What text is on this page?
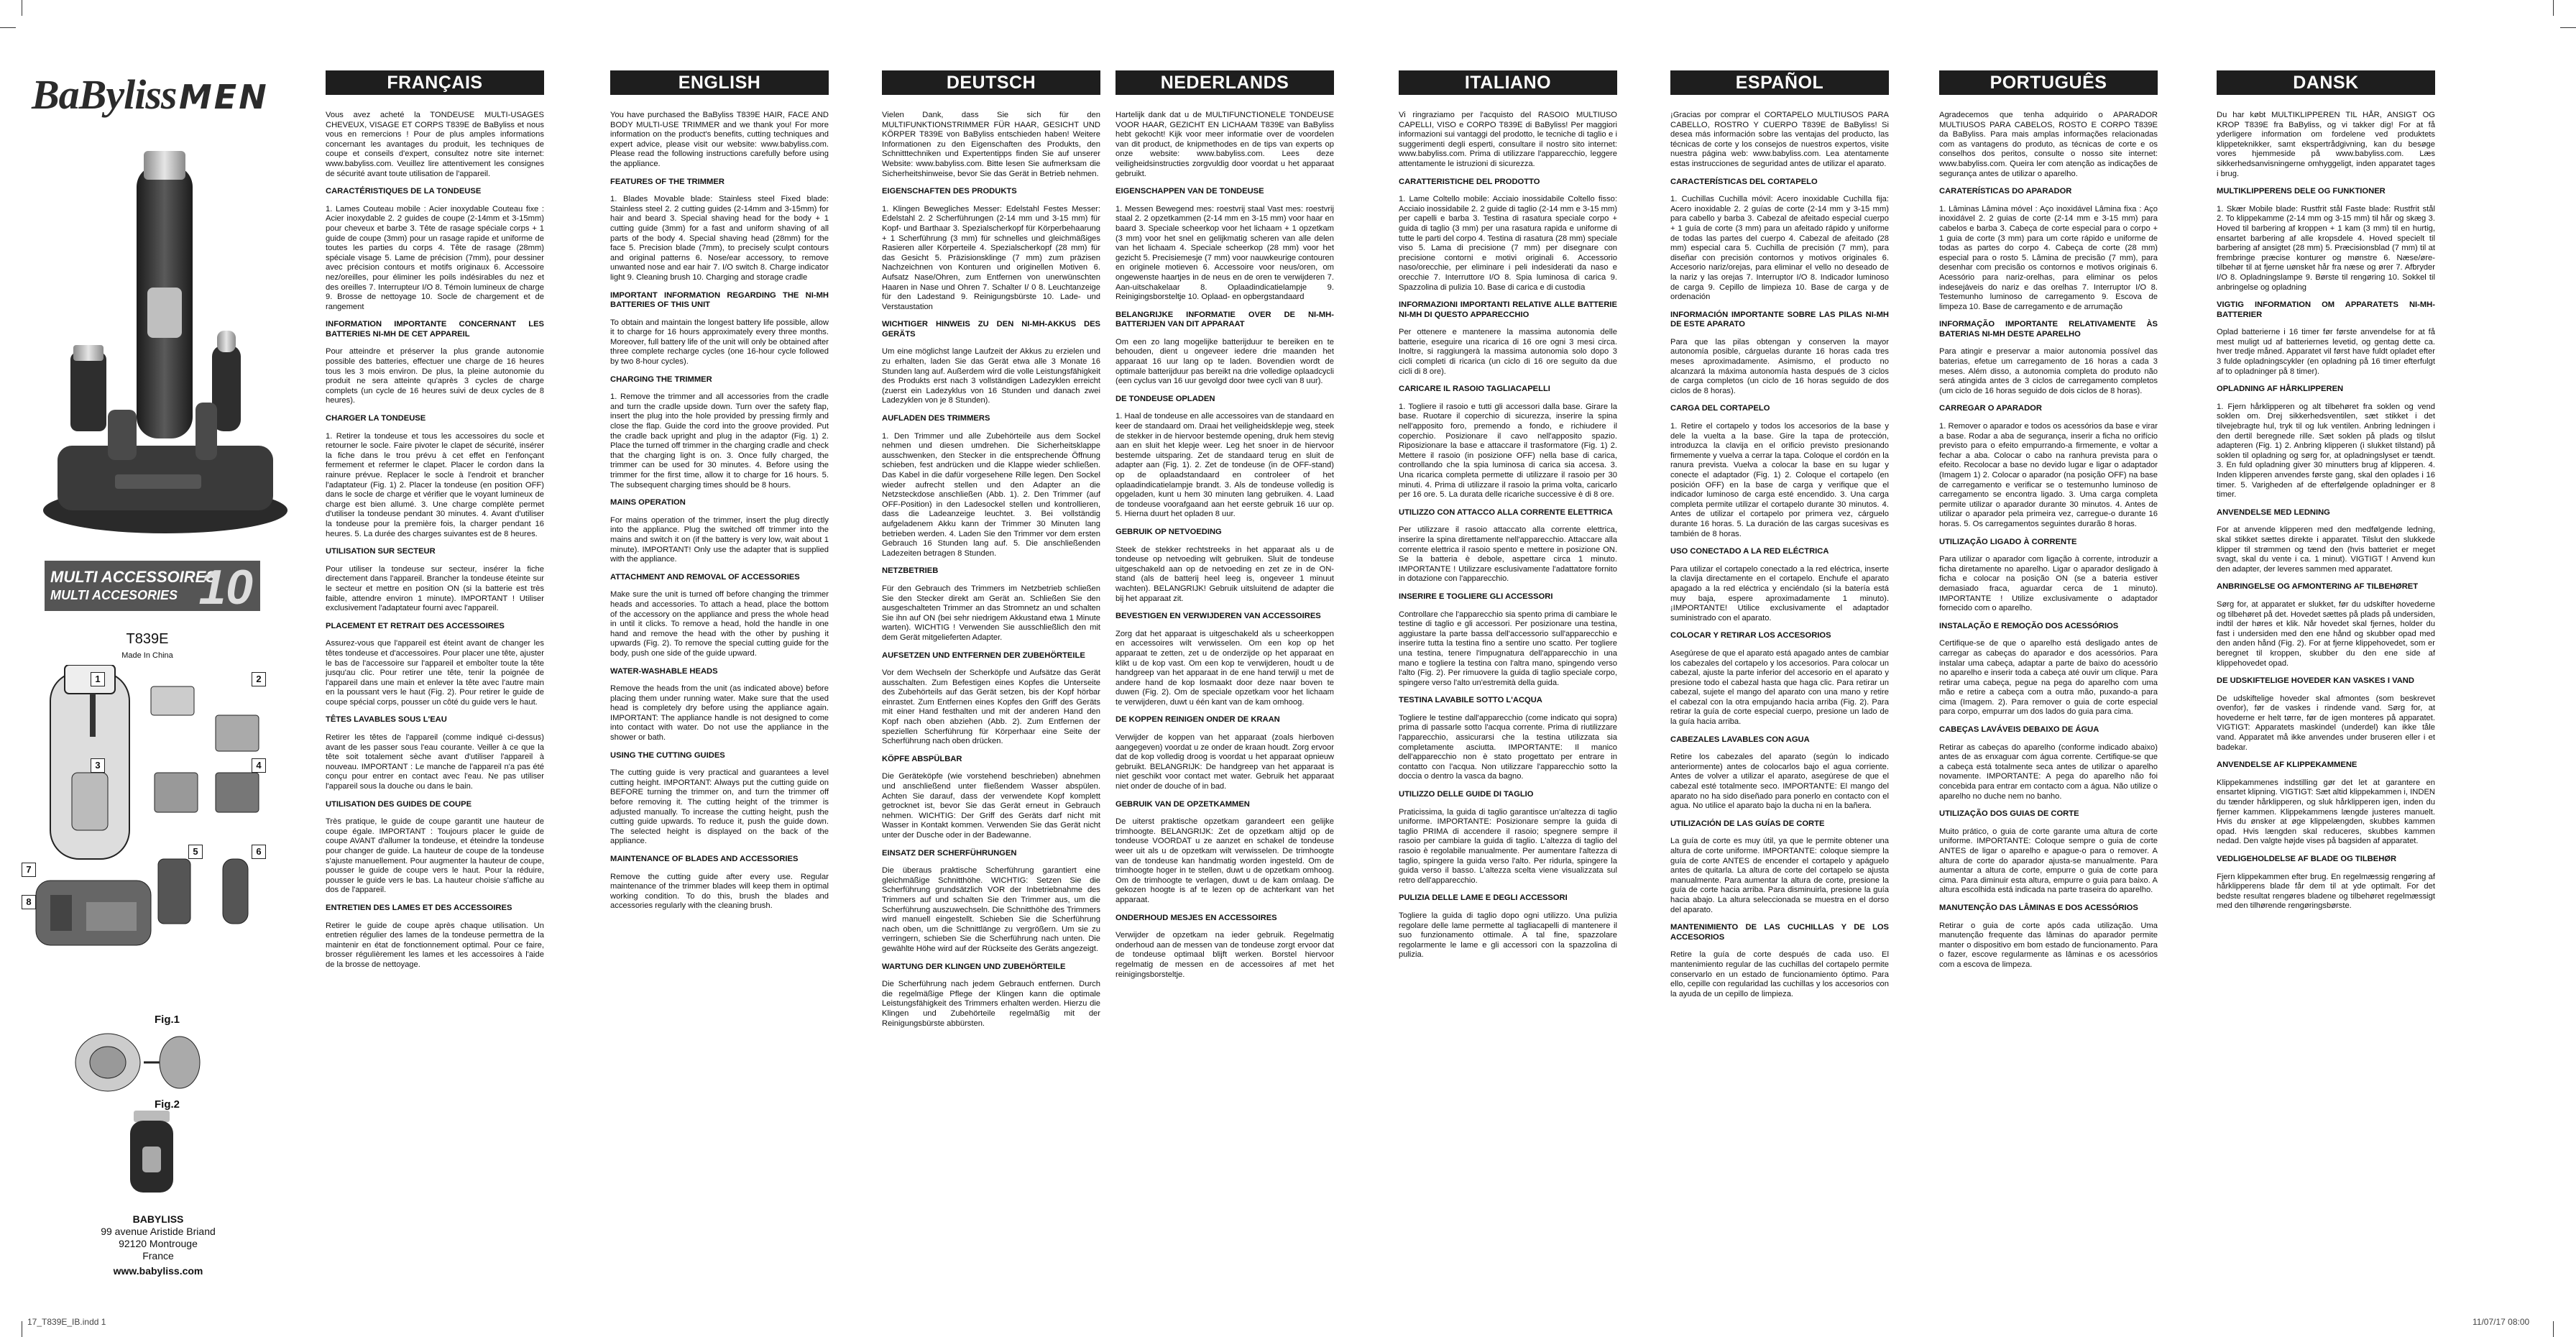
BaByliss MEN
MULTI ACCESSOIRES
MULTI ACCESORIES 10
T839E
Made In China
1	2
3	4
5	6
7
8
Fig.1
Fig.2
BABYLISS
99 avenue Aristide Briand
92120 Montrouge
France
www.babyliss.com
FRANÇAIS

Vous avez acheté la TONDEUSE MULTI-USAGES CHEVEUX, VISAGE ET CORPS T839E de BaByliss et nous vous en remercions ! Pour de plus amples informations concernant les avantages du produit, les techniques de coupe et conseils d'expert, consultez notre site internet: www.babyliss.com. Veuillez lire attentivement les consignes de sécurité avant toute utilisation de l'appareil.

CARACTÉRISTIQUES DE LA TONDEUSE

1. Lames Couteau mobile : Acier inoxydable Couteau fixe : Acier inoxydable 2. 2 guides de coupe (2-14mm et 3-15mm) pour cheveux et barbe 3. Tête de rasage spéciale corps + 1 guide de coupe (3mm) pour un rasage rapide et uniforme de toutes les parties du corps 4. Tête de rasage (28mm) spéciale visage 5. Lame de précision (7mm), pour dessiner avec précision contours et motifs originaux 6. Accessoire nez/oreilles, pour éliminer les poils indésirables du nez et des oreilles 7. Interrupteur I/O 8. Témoin lumineux de charge 9. Brosse de nettoyage 10. Socle de chargement et de rangement

INFORMATION IMPORTANTE CONCERNANT LES BATTERIES NI-MH DE CET APPAREIL

Pour atteindre et préserver la plus grande autonomie possible des batteries, effectuer une charge de 16 heures tous les 3 mois environ. De plus, la pleine autonomie du produit ne sera atteinte qu'après 3 cycles de charge complets (un cycle de 16 heures suivi de deux cycles de 8 heures).

CHARGER LA TONDEUSE

1. Retirer la tondeuse et tous les accessoires du socle et retourner le socle. Faire pivoter le clapet de sécurité, insérer la fiche dans le trou prévu à cet effet en l'enfonçant fermement et refermer le clapet. Placer le cordon dans la rainure prévue. Replacer le socle à l'endroit et brancher l'adaptateur (Fig. 1) 2. Placer la tondeuse (en position OFF) dans le socle de charge et vérifier que le voyant lumineux de charge est bien allumé. 3. Une charge complète permet d'utiliser la tondeuse pendant 30 minutes. 4. Avant d'utiliser la tondeuse pour la première fois, la charger pendant 16 heures. 5. La durée des charges suivantes est de 8 heures.

UTILISATION SUR SECTEUR

Pour utiliser la tondeuse sur secteur, insérer la fiche directement dans l'appareil. Brancher la tondeuse éteinte sur le secteur et mettre en position ON (si la batterie est très faible, attendre environ 1 minute). IMPORTANT ! Utiliser exclusivement l'adaptateur fourni avec l'appareil.

PLACEMENT ET RETRAIT DES ACCESSOIRES

Assurez-vous que l'appareil est éteint avant de changer les têtes tondeuse et d'accessoires. Pour placer une tête, ajuster le bas de l'accessoire sur l'appareil et emboîter toute la tête jusqu'au clic. Pour retirer une tête, tenir la poignée de l'appareil dans une main et enlever la tête avec l'autre main en la poussant vers le haut (Fig. 2). Pour retirer le guide de coupe spécial corps, pousser un côté du guide vers le haut.

TÊTES LAVABLES SOUS L'EAU

Retirer les têtes de l'appareil (comme indiqué ci-dessus) avant de les passer sous l'eau courante. Veiller à ce que la tête soit totalement sèche avant d'utiliser l'appareil à nouveau. IMPORTANT : Le manche de l'appareil n'a pas été conçu pour entrer en contact avec l'eau. Ne pas utiliser l'appareil sous la douche ou dans le bain.

UTILISATION DES GUIDES DE COUPE

Très pratique, le guide de coupe garantit une hauteur de coupe égale. IMPORTANT : Toujours placer le guide de coupe AVANT d'allumer la tondeuse, et éteindre la tondeuse pour changer de guide. La hauteur de coupe de la tondeuse s'ajuste manuellement. Pour augmenter la hauteur de coupe, pousser le guide de coupe vers le haut. Pour la réduire, pousser le guide vers le bas. La hauteur choisie s'affiche au dos de l'appareil.

ENTRETIEN DES LAMES ET DES ACCESSOIRES

Retirer le guide de coupe après chaque utilisation. Un entretien régulier des lames de la tondeuse permettra de la maintenir en état de fonctionnement optimal. Pour ce faire, brosser régulièrement les lames et les accessoires à l'aide de la brosse de nettoyage.

ENGLISH

You have purchased the BaByliss T839E HAIR, FACE AND BODY MULTI-USE TRIMMER and we thank you! For more information on the product's benefits, cutting techniques and expert advice, please visit our website: www.babyliss.com. Please read the following instructions carefully before using the appliance.

FEATURES OF THE TRIMMER

1. Blades Movable blade: Stainless steel Fixed blade: Stainless steel 2. 2 cutting guides (2-14mm and 3-15mm) for hair and beard 3. Special shaving head for the body + 1 cutting guide (3mm) for a fast and uniform shaving of all parts of the body 4. Special shaving head (28mm) for the face 5. Precision blade (7mm), to precisely sculpt contours and original patterns 6. Nose/ear accessory, to remove unwanted nose and ear hair 7. I/O switch 8. Charge indicator light 9. Cleaning brush 10. Charging and storage cradle

IMPORTANT INFORMATION REGARDING THE NI-MH BATTERIES OF THIS UNIT

To obtain and maintain the longest battery life possible, allow it to charge for 16 hours approximately every three months. Moreover, full battery life of the unit will only be obtained after three complete recharge cycles (one 16-hour cycle followed by two 8-hour cycles).

CHARGING THE TRIMMER

1. Remove the trimmer and all accessories from the cradle and turn the cradle upside down. Turn over the safety flap, insert the plug into the hole provided by pressing firmly and close the flap. Guide the cord into the groove provided. Put the cradle back upright and plug in the adaptor (Fig. 1) 2. Place the turned off trimmer in the charging cradle and check that the charging light is on. 3. Once fully charged, the trimmer can be used for 30 minutes. 4. Before using the trimmer for the first time, allow it to charge for 16 hours. 5. The subsequent charging times should be 8 hours.

MAINS OPERATION

For mains operation of the trimmer, insert the plug directly into the appliance. Plug the switched off trimmer into the mains and switch it on (if the battery is very low, wait about 1 minute). IMPORTANT! Only use the adapter that is supplied with the appliance.

ATTACHMENT AND REMOVAL OF ACCESSORIES

Make sure the unit is turned off before changing the trimmer heads and accessories. To attach a head, place the bottom of the accessory on the appliance and press the whole head in until it clicks. To remove a head, hold the handle in one hand and remove the head with the other by pushing it upwards (Fig. 2). To remove the special cutting guide for the body, push one side of the guide upward.

WATER-WASHABLE HEADS

Remove the heads from the unit (as indicated above) before placing them under running water. Make sure that the used head is completely dry before using the appliance again. IMPORTANT: The appliance handle is not designed to come into contact with water. Do not use the appliance in the shower or bath.

USING THE CUTTING GUIDES

The cutting guide is very practical and guarantees a level cutting height. IMPORTANT: Always put the cutting guide on BEFORE turning the trimmer on, and turn the trimmer off before removing it. The cutting height of the trimmer is adjusted manually. To increase the cutting height, push the cutting guide upwards. To reduce it, push the guide down. The selected height is displayed on the back of the appliance.

MAINTENANCE OF BLADES AND ACCESSORIES

Remove the cutting guide after every use. Regular maintenance of the trimmer blades will keep them in optimal working condition. To do this, brush the blades and accessories regularly with the cleaning brush.

DEUTSCH

Vielen Dank, dass Sie sich für den MULTIFUNKTIONSTRIMMER FÜR HAAR, GESICHT UND KÖRPER T839E von BaByliss entschieden haben! Weitere Informationen zu den Eigenschaften des Produkts, den Schnitttechniken und Expertentipps finden Sie auf unserer Website: www.babyliss.com. Bitte lesen Sie aufmerksam die Sicherheitshinweise, bevor Sie das Gerät in Betrieb nehmen.

EIGENSCHAFTEN DES PRODUKTS

1. Klingen Bewegliches Messer: Edelstahl Festes Messer: Edelstahl 2. 2 Scherführungen (2-14 mm und 3-15 mm) für Kopf- und Barthaar 3. Spezialscherkopf für Körperbehaarung + 1 Scherführung (3 mm) für schnelles und gleichmäßiges Rasieren aller Körperteile 4. Spezialscherkopf (28 mm) für das Gesicht 5. Präzisionsklinge (7 mm) zum präzisen Nachzeichnen von Konturen und originellen Motiven 6. Aufsatz Nase/Ohren, zum Entfernen von unerwünschten Haaren in Nase und Ohren 7. Schalter I/ 0 8. Leuchtanzeige für den Ladestand 9. Reinigungsbürste 10. Lade- und Verstaustation

WICHTIGER HINWEIS ZU DEN NI-MH-AKKUS DES GERÄTS

Um eine möglichst lange Laufzeit der Akkus zu erzielen und zu erhalten, laden Sie das Gerät etwa alle 3 Monate 16 Stunden lang auf. Außerdem wird die volle Leistungsfähigkeit des Produkts erst nach 3 vollständigen Ladezyklen erreicht (zuerst ein Ladezyklus von 16 Stunden und danach zwei Ladezyklen von je 8 Stunden).

AUFLADEN DES TRIMMERS

1. Den Trimmer und alle Zubehörteile aus dem Sockel nehmen und diesen umdrehen. Die Sicherheitsklappe ausschwenken, den Stecker in die entsprechende Öffnung schieben, fest andrücken und die Klappe wieder schließen. Das Kabel in die dafür vorgesehene Rille legen. Den Sockel wieder aufrecht stellen und den Adapter an die Netzsteckdose anschließen (Abb. 1). 2. Den Trimmer (auf OFF-Position) in den Ladesockel stellen und kontrollieren, dass die Ladeanzeige leuchtet. 3. Bei vollständig aufgeladenem Akku kann der Trimmer 30 Minuten lang betrieben werden. 4. Laden Sie den Trimmer vor dem ersten Gebrauch 16 Stunden lang auf. 5. Die anschließenden Ladezeiten betragen 8 Stunden.

NETZBETRIEB

Für den Gebrauch des Trimmers im Netzbetrieb schließen Sie den Stecker direkt am Gerät an. Schließen Sie den ausgeschalteten Trimmer an das Stromnetz an und schalten Sie ihn auf ON (bei sehr niedrigem Akkustand etwa 1 Minute warten). WICHTIG ! Verwenden Sie ausschließlich den mit dem Gerät mitgelieferten Adapter.

AUFSETZEN UND ENTFERNEN DER ZUBEHÖRTEILE

Vor dem Wechseln der Scherköpfe und Aufsätze das Gerät ausschalten. Zum Befestigen eines Kopfes die Unterseite des Zubehörteils auf das Gerät setzen, bis der Kopf hörbar einrastet. Zum Entfernen eines Kopfes den Griff des Geräts mit einer Hand festhalten und mit der anderen Hand den Kopf nach oben abziehen (Abb. 2). Zum Entfernen der speziellen Scherführung für Körperhaar eine Seite der Scherführung nach oben drücken.

KÖPFE ABSPÜLBAR

Die Geräteköpfe (wie vorstehend beschrieben) abnehmen und anschließend unter fließendem Wasser abspülen. Achten Sie darauf, dass der verwendete Kopf komplett getrocknet ist, bevor Sie das Gerät erneut in Gebrauch nehmen. WICHTIG: Der Griff des Geräts darf nicht mit Wasser in Kontakt kommen. Verwenden Sie das Gerät nicht unter der Dusche oder in der Badewanne.

EINSATZ DER SCHERFÜHRUNGEN

Die überaus praktische Scherführung garantiert eine gleichmäßige Schnitthöhe. WICHTIG: Setzen Sie die Scherführung grundsätzlich VOR der Inbetriebnahme des Trimmers auf und schalten Sie den Trimmer aus, um die Scherführung auszuwechseln. Die Schnitthöhe des Trimmers wird manuell eingestellt. Schieben Sie die Scherführung nach oben, um die Schnittlänge zu vergrößern. Um sie zu verringern, schieben Sie die Scherführung nach unten. Die gewählte Höhe wird auf der Rückseite des Geräts angezeigt.

WARTUNG DER KLINGEN UND ZUBEHÖRTEILE

Die Scherführung nach jedem Gebrauch entfernen. Durch die regelmäßige Pflege der Klingen kann die optimale Leistungsfähigkeit des Trimmers erhalten werden. Hierzu die Klingen und Zubehörteile regelmäßig mit der Reinigungsbürste abbürsten.

NEDERLANDS

Hartelijk dank dat u de MULTIFUNCTIONELE TONDEUSE VOOR HAAR, GEZICHT EN LICHAAM T839E van BaByliss hebt gekocht! Kijk voor meer informatie over de voordelen van dit product, de knipmethodes en de tips van experts op onze website: www.babyliss.com. Lees deze veiligheidsinstructies zorgvuldig door voordat u het apparaat gebruikt.

EIGENSCHAPPEN VAN DE TONDEUSE

1. Messen Bewegend mes: roestvrij staal Vast mes: roestvrij staal 2. 2 opzetkammen (2-14 mm en 3-15 mm) voor haar en baard 3. Speciale scheerkop voor het lichaam + 1 opzetkam (3 mm) voor het snel en gelijkmatig scheren van alle delen van het lichaam 4. Speciale scheerkop (28 mm) voor het gezicht 5. Precisiemesje (7 mm) voor nauwkeurige contouren en originele motieven 6. Accessoire voor neus/oren, om ongewenste haartjes in de neus en de oren te verwijderen 7. Aan-uitschakelaar 8. Oplaadindicatielampje 9. Reinigingsborsteltje 10. Oplaad- en opbergstandaard

BELANGRIJKE INFORMATIE OVER DE NI-MH-BATTERIJEN VAN DIT APPARAAT

Om een zo lang mogelijke batterijduur te bereiken en te behouden, dient u ongeveer iedere drie maanden het apparaat 16 uur lang op te laden. Bovendien wordt de optimale batterijduur pas bereikt na drie volledige oplaadcycli (een cyclus van 16 uur gevolgd door twee cycli van 8 uur).

DE TONDEUSE OPLADEN

1. Haal de tondeuse en alle accessoires van de standaard en keer de standaard om. Draai het veiligheidsklepje weg, steek de stekker in de hiervoor bestemde opening, druk hem stevig aan en sluit het klepje weer. Leg het snoer in de hiervoor bestemde uitsparing. Zet de standaard terug en sluit de adapter aan (Fig. 1). 2. Zet de tondeuse (in de OFF-stand) op de oplaadstandaard en controleer of het oplaadindicatielampje brandt. 3. Als de tondeuse volledig is opgeladen, kunt u hem 30 minuten lang gebruiken. 4. Laad de tondeuse voorafgaand aan het eerste gebruik 16 uur op. 5. Hierna duurt het opladen 8 uur.

GEBRUIK OP NETVOEDING

Steek de stekker rechtstreeks in het apparaat als u de tondeuse op netvoeding wilt gebruiken. Sluit de tondeuse uitgeschakeld aan op de netvoeding en zet ze in de ON-stand (als de batterij heel leeg is, ongeveer 1 minuut wachten). BELANGRIJK! Gebruik uitsluitend de adapter die bij het apparaat zit.

BEVESTIGEN EN VERWIJDEREN VAN ACCESSOIRES

Zorg dat het apparaat is uitgeschakeld als u scheerkoppen en accessoires wilt verwisselen. Om een kop op het apparaat te zetten, zet u de onderzijde op het apparaat en klikt u de kop vast. Om een kop te verwijderen, houdt u de handgreep van het apparaat in de ene hand terwijl u met de andere hand de kop losmaakt door deze naar boven te duwen (Fig. 2). Om de speciale opzetkam voor het lichaam te verwijderen, duwt u één kant van de kam omhoog.

DE KOPPEN REINIGEN ONDER DE KRAAN

Verwijder de koppen van het apparaat (zoals hierboven aangegeven) voordat u ze onder de kraan houdt. Zorg ervoor dat de kop volledig droog is voordat u het apparaat opnieuw gebruikt. BELANGRIJK: De handgreep van het apparaat is niet geschikt voor contact met water. Gebruik het apparaat niet onder de douche of in bad.

GEBRUIK VAN DE OPZETKAMMEN

De uiterst praktische opzetkam garandeert een gelijke trimhoogte. BELANGRIJK: Zet de opzetkam altijd op de tondeuse VOORDAT u ze aanzet en schakel de tondeuse weer uit als u de opzetkam wilt verwisselen. De trimhoogte van de tondeuse kan handmatig worden ingesteld. Om de trimhoogte hoger in te stellen, duwt u de opzetkam omhoog. Om de trimhoogte te verlagen, duwt u de kam omlaag. De gekozen hoogte is af te lezen op de achterkant van het apparaat.

ONDERHOUD MESJES EN ACCESSOIRES

Verwijder de opzetkam na ieder gebruik. Regelmatig onderhoud aan de messen van de tondeuse zorgt ervoor dat de tondeuse optimaal blijft werken. Borstel hiervoor regelmatig de messen en de accessoires af met het reinigingsborsteltje.

ITALIANO

Vi ringraziamo per l'acquisto del RASOIO MULTIUSO CAPELLI, VISO e CORPO T839E di BaByliss! Per maggiori informazioni sui vantaggi del prodotto, le tecniche di taglio e i suggerimenti degli esperti, consultare il nostro sito internet: www.babyliss.com. Prima di utilizzare l'apparecchio, leggere attentamente le istruzioni di sicurezza.

CARATTERISTICHE DEL PRODOTTO

1. Lame Coltello mobile: Acciaio inossidabile Coltello fisso: Acciaio inossidabile 2. 2 guide di taglio (2-14 mm e 3-15 mm) per capelli e barba 3. Testina di rasatura speciale corpo + guida di taglio (3 mm) per una rasatura rapida e uniforme di tutte le parti del corpo 4. Testina di rasatura (28 mm) speciale viso 5. Lama di precisione (7 mm) per disegnare con precisione contorni e motivi originali 6. Accessorio naso/orecchie, per eliminare i peli indesiderati da naso e orecchie 7. Interruttore I/O 8. Spia luminosa di carica 9. Spazzolina di pulizia 10. Base di carica e di custodia

INFORMAZIONI IMPORTANTI RELATIVE ALLE BATTERIE NI-MH DI QUESTO APPARECCHIO

Per ottenere e mantenere la massima autonomia delle batterie, eseguire una ricarica di 16 ore ogni 3 mesi circa. Inoltre, si raggiungerà la massima autonomia solo dopo 3 cicli completi di ricarica (un ciclo di 16 ore seguito da due cicli di 8 ore).

CARICARE IL RASOIO TAGLIACAPELLI

1. Togliere il rasoio e tutti gli accessori dalla base. Girare la base. Ruotare il coperchio di sicurezza, inserire la spina nell'apposito foro, premendo a fondo, e richiudere il coperchio. Posizionare il cavo nell'apposito spazio. Riposizionare la base e attaccare il trasformatore (Fig. 1) 2. Mettere il rasoio (in posizione OFF) nella base di carica, controllando che la spia luminosa di carica sia accesa. 3. Una ricarica completa permette di utilizzare il rasoio per 30 minuti. 4. Prima di utilizzare il rasoio la prima volta, caricarlo per 16 ore. 5. La durata delle ricariche successive è di 8 ore.

UTILIZZO CON ATTACCO ALLA CORRENTE ELETTRICA

Per utilizzare il rasoio attaccato alla corrente elettrica, inserire la spina direttamente nell'apparecchio. Attaccare alla corrente elettrica il rasoio spento e mettere in posizione ON. Se la batteria è debole, aspettare circa 1 minuto. IMPORTANTE ! Utilizzare esclusivamente l'adattatore fornito in dotazione con l'apparecchio.

INSERIRE E TOGLIERE GLI ACCESSORI

Controllare che l'apparecchio sia spento prima di cambiare le testine di taglio e gli accessori. Per posizionare una testina, aggiustare la parte bassa dell'accessorio sull'apparecchio e inserire tutta la testina fino a sentire uno scatto. Per togliere una testina, tenere l'impugnatura dell'apparecchio in una mano e togliere la testina con l'altra mano, spingendo verso l'alto (Fig. 2). Per rimuovere la guida di taglio speciale corpo, spingere verso l'alto un'estremità della guida.

TESTINA LAVABILE SOTTO L'ACQUA

Togliere le testine dall'apparecchio (come indicato qui sopra) prima di passarle sotto l'acqua corrente. Prima di riutilizzare l'apparecchio, assicurarsi che la testina utilizzata sia completamente asciutta. IMPORTANTE: Il manico dell'apparecchio non è stato progettato per entrare in contatto con l'acqua. Non utilizzare l'apparecchio sotto la doccia o dentro la vasca da bagno.

UTILIZZO DELLE GUIDE DI TAGLIO

Praticissima, la guida di taglio garantisce un'altezza di taglio uniforme. IMPORTANTE: Posizionare sempre la guida di taglio PRIMA di accendere il rasoio; spegnere sempre il rasoio per cambiare la guida di taglio. L'altezza di taglio del rasoio è regolabile manualmente. Per aumentare l'altezza di taglio, spingere la guida verso l'alto. Per ridurla, spingere la guida verso il basso. L'altezza scelta viene visualizzata sul retro dell'apparecchio.

PULIZIA DELLE LAME E DEGLI ACCESSORI

Togliere la guida di taglio dopo ogni utilizzo. Una pulizia regolare delle lame permette al tagliacapelli di mantenere il suo funzionamento ottimale. A tal fine, spazzolare regolarmente le lame e gli accessori con la spazzolina di pulizia.

ESPAÑOL

¡Gracias por comprar el CORTAPELO MULTIUSOS PARA CABELLO, ROSTRO Y CUERPO T839E de BaByliss! Si desea más información sobre las ventajas del producto, las técnicas de corte y los consejos de nuestros expertos, visite nuestra página web: www.babyliss.com. Lea atentamente estas instrucciones de seguridad antes de utilizar el aparato.

CARACTERÍSTICAS DEL CORTAPELO

1. Cuchillas Cuchilla móvil: Acero inoxidable Cuchilla fija: Acero inoxidable 2. 2 guías de corte (2-14 mm y 3-15 mm) para cabello y barba 3. Cabezal de afeitado especial cuerpo + 1 guía de corte (3 mm) para un afeitado rápido y uniforme de todas las partes del cuerpo 4. Cabezal de afeitado (28 mm) especial cara 5. Cuchilla de precisión (7 mm), para diseñar con precisión contornos y motivos originales 6. Accesorio nariz/orejas, para eliminar el vello no deseado de la nariz y las orejas 7. Interruptor I/O 8. Indicador luminoso de carga 9. Cepillo de limpieza 10. Base de carga y de ordenación

INFORMACIÓN IMPORTANTE SOBRE LAS PILAS NI-MH DE ESTE APARATO

Para que las pilas obtengan y conserven la mayor autonomía posible, cárguelas durante 16 horas cada tres meses aproximadamente. Asimismo, el producto no alcanzará la máxima autonomía hasta después de 3 ciclos de carga completos (un ciclo de 16 horas seguido de dos ciclos de 8 horas).

CARGA DEL CORTAPELO

1. Retire el cortapelo y todos los accesorios de la base y dele la vuelta a la base. Gire la tapa de protección, introduzca la clavija en el orificio previsto presionando firmemente y vuelva a cerrar la tapa. Coloque el cordón en la ranura prevista. Vuelva a colocar la base en su lugar y conecte el adaptador (Fig. 1) 2. Coloque el cortapelo (en posición OFF) en la base de carga y verifique que el indicador luminoso de carga esté encendido. 3. Una carga completa permite utilizar el cortapelo durante 30 minutos. 4. Antes de utilizar el cortapelo por primera vez, cárguelo durante 16 horas. 5. La duración de las cargas sucesivas es también de 8 horas.

USO CONECTADO A LA RED ELÉCTRICA

Para utilizar el cortapelo conectado a la red eléctrica, inserte la clavija directamente en el cortapelo. Enchufe el aparato apagado a la red eléctrica y enciéndalo (si la batería está muy baja, espere aproximadamente 1 minuto). ¡IMPORTANTE! Utilice exclusivamente el adaptador suministrado con el aparato.

COLOCAR Y RETIRAR LOS ACCESORIOS

Asegúrese de que el aparato está apagado antes de cambiar los cabezales del cortapelo y los accesorios. Para colocar un cabezal, ajuste la parte inferior del accesorio en el aparato y presione todo el cabezal hasta que haga clic. Para retirar un cabezal, sujete el mango del aparato con una mano y retire el cabezal con la otra empujando hacia arriba (Fig. 2). Para retirar la guía de corte especial cuerpo, presione un lado de la guía hacia arriba.

CABEZALES LAVABLES CON AGUA

Retire los cabezales del aparato (según lo indicado anteriormente) antes de colocarlos bajo el agua corriente. Antes de volver a utilizar el aparato, asegúrese de que el cabezal esté totalmente seco. IMPORTANTE: El mango del aparato no ha sido diseñado para ponerlo en contacto con el agua. No utilice el aparato bajo la ducha ni en la bañera.

UTILIZACIÓN DE LAS GUÍAS DE CORTE

La guía de corte es muy útil, ya que le permite obtener una altura de corte uniforme. IMPORTANTE: coloque siempre la guía de corte ANTES de encender el cortapelo y apáguelo antes de quitarla. La altura de corte del cortapelo se ajusta manualmente. Para aumentar la altura de corte, presione la guía de corte hacia arriba. Para disminuirla, presione la guía hacia abajo. La altura seleccionada se muestra en el dorso del aparato.

MANTENIMIENTO DE LAS CUCHILLAS Y DE LOS ACCESORIOS

Retire la guía de corte después de cada uso. El mantenimiento regular de las cuchillas del cortapelo permite conservarlo en un estado de funcionamiento óptimo. Para ello, cepille con regularidad las cuchillas y los accesorios con la ayuda de un cepillo de limpieza.

PORTUGUÊS

Agradecemos que tenha adquirido o APARADOR MULTIUSOS PARA CABELOS, ROSTO E CORPO T839E da BaByliss. Para mais amplas informações relacionadas com as vantagens do produto, as técnicas de corte e os conselhos dos peritos, consulte o nosso site internet: www.babyliss.com. Queira ler com atenção as indicações de segurança antes de utilizar o aparelho.

CARATERÍSTICAS DO APARADOR

1. Lâminas Lâmina móvel : Aço inoxidável Lâmina fixa : Aço inoxidável 2. 2 guias de corte (2-14 mm e 3-15 mm) para cabelos e barba 3. Cabeça de corte especial para o corpo + 1 guia de corte (3 mm) para um corte rápido e uniforme de todas as partes do corpo 4. Cabeça de corte (28 mm) especial para o rosto 5. Lâmina de precisão (7 mm), para desenhar com precisão os contornos e motivos originais 6. Acessório para nariz-orelhas, para eliminar os pelos indesejáveis do nariz e das orelhas 7. Interruptor I/O 8. Testemunho luminoso de carregamento 9. Escova de limpeza 10. Base de carregamento e de arrumação

INFORMAÇÃO IMPORTANTE RELATIVAMENTE ÀS BATERIAS NI-MH DESTE APARELHO

Para atingir e preservar a maior autonomia possível das baterias, efetue um carregamento de 16 horas a cada 3 meses. Além disso, a autonomia completa do produto não será atingida antes de 3 ciclos de carregamento completos (um ciclo de 16 horas seguido de dois ciclos de 8 horas).

CARREGAR O APARADOR

1. Remover o aparador e todos os acessórios da base e virar a base. Rodar a aba de segurança, inserir a ficha no orifício previsto para o efeito empurrando-a firmemente, e voltar a fechar a aba. Colocar o cabo na ranhura prevista para o efeito. Recolocar a base no devido lugar e ligar o adaptador (Imagem 1) 2. Colocar o aparador (na posição OFF) na base de carregamento e verificar se o testemunho luminoso de carregamento se encontra ligado. 3. Uma carga completa permite utilizar o aparador durante 30 minutos. 4. Antes de utilizar o aparador pela primeira vez, carregue-o durante 16 horas. 5. Os carregamentos seguintes durarão 8 horas.

UTILIZAÇÃO LIGADO À CORRENTE

Para utilizar o aparador com ligação à corrente, introduzir a ficha diretamente no aparelho. Ligar o aparador desligado à ficha e colocar na posição ON (se a bateria estiver demasiado fraca, aguardar cerca de 1 minuto). IMPORTANTE ! Utilize exclusivamente o adaptador fornecido com o aparelho.

INSTALAÇÃO E REMOÇÃO DOS ACESSÓRIOS

Certifique-se de que o aparelho está desligado antes de carregar as cabeças do aparador e dos acessórios. Para instalar uma cabeça, adaptar a parte de baixo do acessório no aparelho e inserir toda a cabeça até ouvir um clique. Para retirar uma cabeça, pegue na pega do aparelho com uma mão e retire a cabeça com a outra mão, puxando-a para cima (Imagem. 2). Para remover o guia de corte especial para corpo, empurrar um dos lados do guia para cima.

CABEÇAS LAVÁVEIS DEBAIXO DE ÁGUA

Retirar as cabeças do aparelho (conforme indicado abaixo) antes de as enxaguar com água corrente. Certifique-se que a cabeça está totalmente seca antes de utilizar o aparelho novamente. IMPORTANTE: A pega do aparelho não foi concebida para entrar em contacto com a água. Não utilize o aparelho no duche nem no banho.

UTILIZAÇÃO DOS GUIAS DE CORTE

Muito prático, o guia de corte garante uma altura de corte uniforme. IMPORTANTE: Coloque sempre o guia de corte ANTES de ligar o aparelho e apague-o para o remover. A altura de corte do aparador ajusta-se manualmente. Para aumentar a altura de corte, empurre o guia de corte para cima. Para diminuir esta altura, empurre o guia para baixo. A altura escolhida está indicada na parte traseira do aparelho.

MANUTENÇÃO DAS LÂMINAS E DOS ACESSÓRIOS

Retirar o guia de corte após cada utilização. Uma manutenção frequente das lâminas do aparador permite manter o dispositivo em bom estado de funcionamento. Para o fazer, escove regularmente as lâminas e os acessórios com a escova de limpeza.

DANSK

Du har købt MULTIKLIPPEREN TIL HÅR, ANSIGT OG KROP T839E fra BaByliss, og vi takker dig! For at få yderligere information om fordelene ved produktets klippeteknikker, samt ekspertrådgivning, kan du besøge vores hjemmeside på www.babyliss.com. Læs sikkerhedsanvisningerne omhyggeligt, inden apparatet tages i brug.

MULTIKLIPPERENS DELE OG FUNKTIONER

1. Skær Mobile blade: Rustfrit stål Faste blade: Rustfrit stål 2. To klippekamme (2-14 mm og 3-15 mm) til hår og skæg 3. Hoved til barbering af kroppen + 1 kam (3 mm) til en hurtig, ensartet barbering af alle kropsdele 4. Hoved specielt til barbering af ansigtet (28 mm) 5. Præcisionsblad (7 mm) til at frembringe præcise konturer og mønstre 6. Næse/øre-tilbehør til at fjerne uønsket hår fra næse og ører 7. Afbryder I/O 8. Opladningslampe 9. Børste til rengøring 10. Sokkel til anbringelse og opladning

VIGTIG INFORMATION OM APPARATETS NI-MH-BATTERIER

Oplad batterierne i 16 timer før første anvendelse for at få mest muligt ud af batteriernes levetid, og gentag dette ca. hver tredje måned. Apparatet vil først have fuldt opladet efter 3 fulde opladningscykler (en opladning på 16 timer efterfulgt af to opladninger på 8 timer).

OPLADNING AF HÅRKLIPPEREN

1. Fjern hårklipperen og alt tilbehøret fra soklen og vend soklen om. Drej sikkerhedsventilen, sæt stikket i det tilvejebragte hul, tryk til og luk ventilen. Anbring ledningen i den dertil beregnede rille. Sæt soklen på plads og tilslut adapteren (Fig. 1) 2. Anbring klipperen (i slukket tilstand) på soklen til opladning og sørg for, at opladningslyset er tændt. 3. En fuld opladning giver 30 minutters brug af klipperen. 4. Inden klipperen anvendes første gang, skal den oplades i 16 timer. 5. Varigheden af de efterfølgende opladninger er 8 timer.

ANVENDELSE MED LEDNING

For at anvende klipperen med den medfølgende ledning, skal stikket sættes direkte i apparatet. Tilslut den slukkede klipper til strømmen og tænd den (hvis batteriet er meget svagt, skal du vente i ca. 1 minut). VIGTIGT ! Anvend kun den adapter, der leveres sammen med apparatet.

ANBRINGELSE OG AFMONTERING AF TILBEHØRET

Sørg for, at apparatet er slukket, før du udskifter hovederne og tilbehøret på det. Hovedet sættes på plads på undersiden, indtil der høres et klik. Når hovedet skal fjernes, holder du fast i undersiden med den ene hånd og skubber opad med den anden hånd (Fig. 2). For at fjerne klippehovedet, som er beregnet til kroppen, skubber du den ene side af klippehovedet opad.

DE UDSKIFTELIGE HOVEDER KAN VASKES I VAND

De udskiftelige hoveder skal afmontes (som beskrevet ovenfor), før de vaskes i rindende vand. Sørg for, at hovederne er helt tørre, før de igen monteres på apparatet. VIGTIGT: Apparatets maskindel (underdel) kan ikke tåle vand. Apparatet må ikke anvendes under bruseren eller i et badekar.

ANVENDELSE AF KLIPPEKAMMENE

Klippekammenes indstilling gør det let at garantere en ensartet klipning. VIGTIGT: Sæt altid klippekammen i, INDEN du tænder hårklipperen, og sluk hårklipperen igen, inden du fjerner kammen. Klippekammens længde justeres manuelt. Hvis du ønsker at øge klippelængden, skubbes kammen opad. Hvis længden skal reduceres, skubbes kammen nedad. Den valgte højde vises på bagsiden af apparatet.

VEDLIGEHOLDELSE AF BLADE OG TILBEHØR

Fjern klippekammen efter brug. En regelmæssig rengøring af hårklipperens blade får dem til at yde optimalt. For det bedste resultat rengøres bladene og tilbehøret regelmæssigt med den tilhørende rengøringsbørste.

17_T839E_IB.indd 1	11/07/17 08:00
